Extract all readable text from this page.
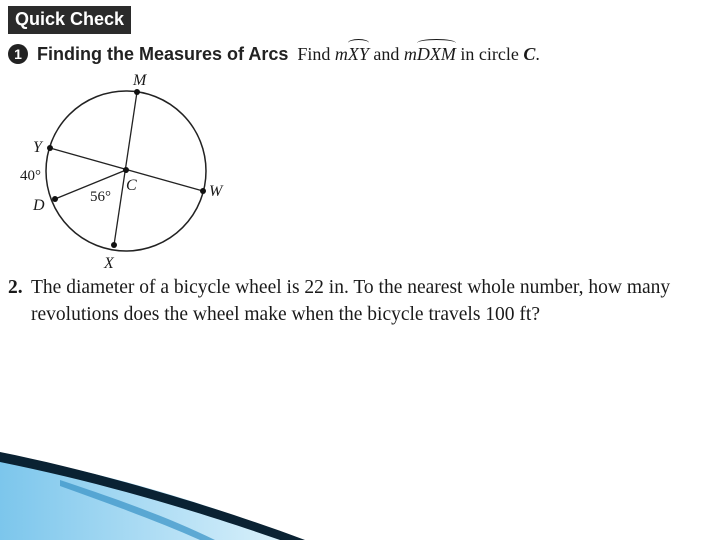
Quick Check
1 Finding the Measures of Arcs Find mXY and mDXM in circle C.
M
Y
D
C	W
X
40°
56°
2. The diameter of a bicycle wheel is 22 in. To the nearest whole number, how many revolutions does the wheel make when the bicycle travels 100 ft?
